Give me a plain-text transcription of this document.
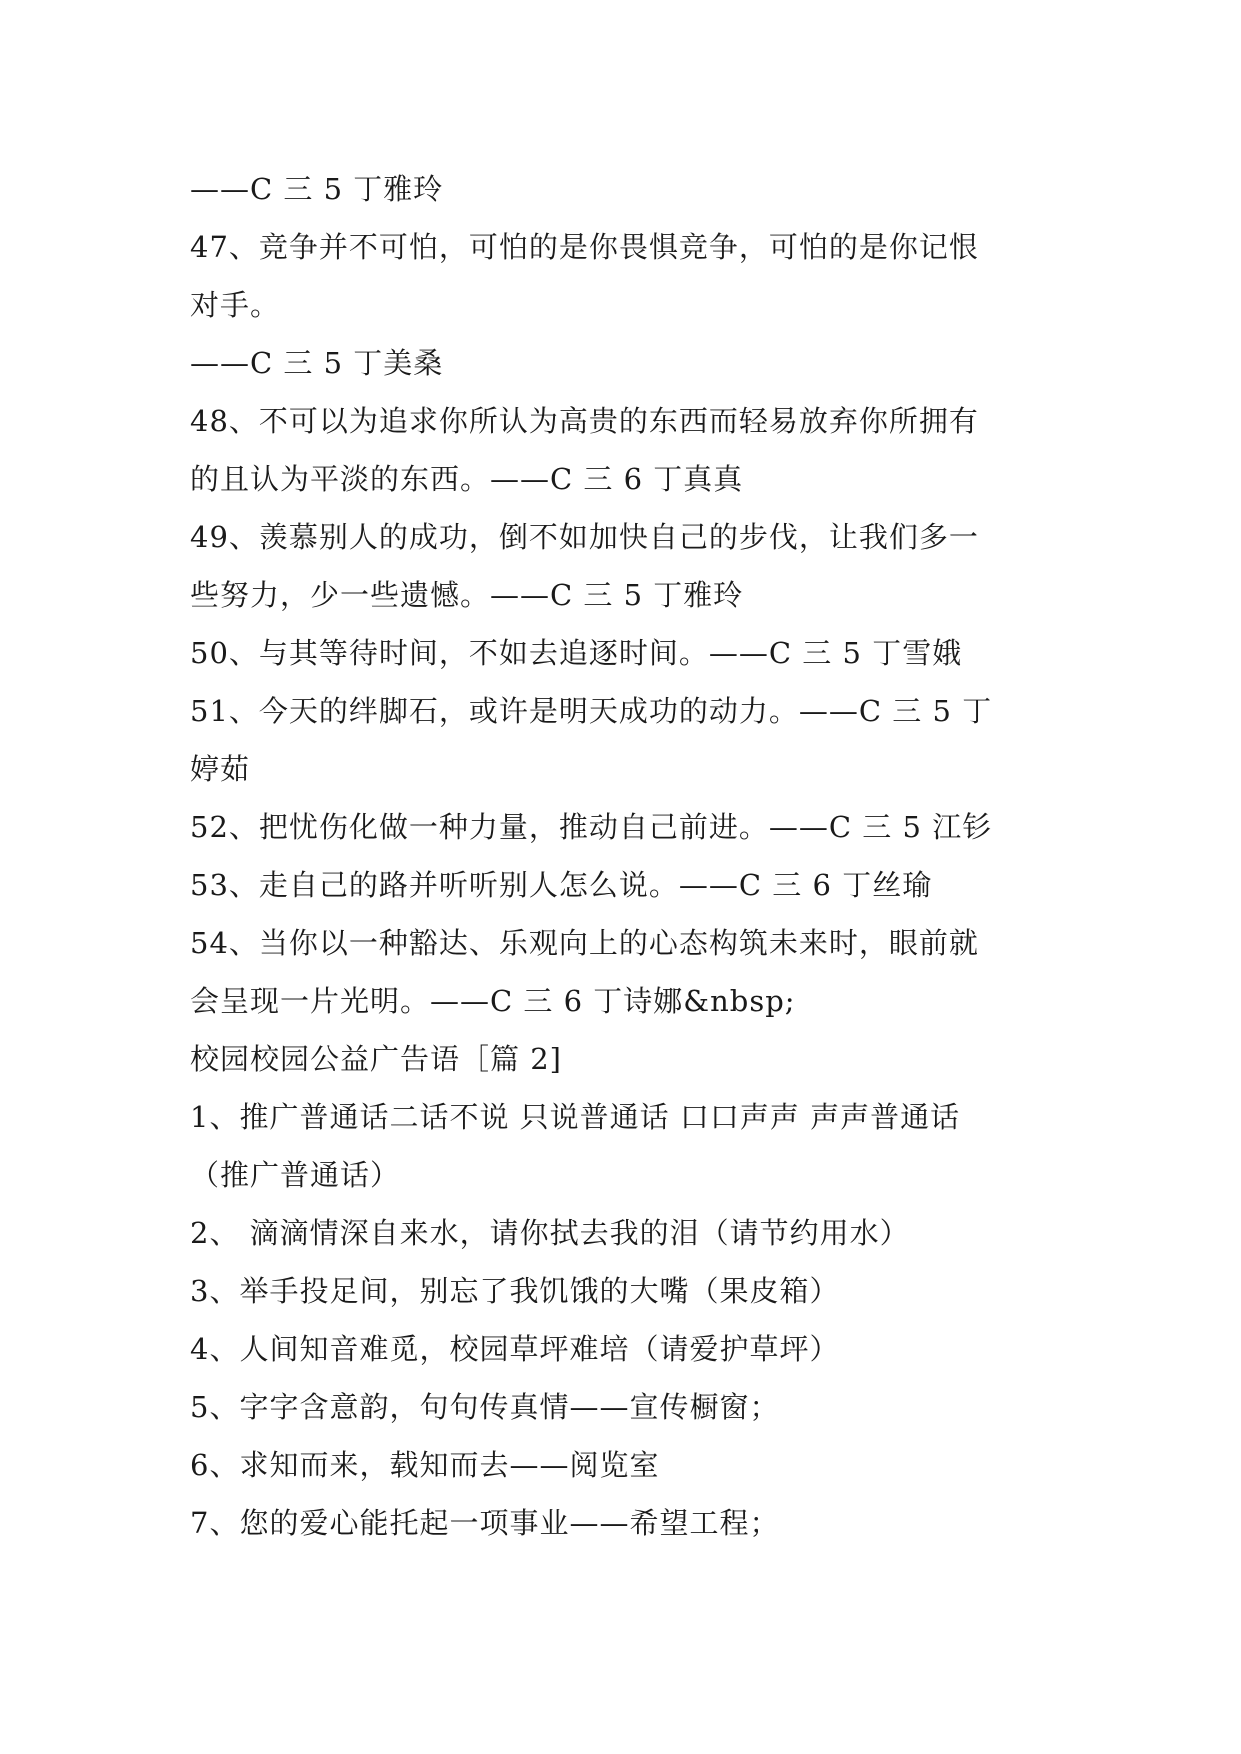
——C 三 5 丁雅玲
47、竞争并不可怕，可怕的是你畏惧竞争，可怕的是你记恨
对手。
——C 三 5 丁美桑
48、不可以为追求你所认为高贵的东西而轻易放弃你所拥有
的且认为平淡的东西。——C 三 6 丁真真
49、羡慕别人的成功，倒不如加快自己的步伐，让我们多一
些努力，少一些遗憾。——C 三 5 丁雅玲
50、与其等待时间，不如去追逐时间。——C 三 5 丁雪娥
51、今天的绊脚石，或许是明天成功的动力。——C 三 5 丁
婷茹
52、把忧伤化做一种力量，推动自己前进。——C 三 5 江钐
53、走自己的路并听听别人怎么说。——C 三 6 丁丝瑜
54、当你以一种豁达、乐观向上的心态构筑未来时，眼前就
会呈现一片光明。——C 三 6 丁诗娜&nbsp;
校园校园公益广告语［篇 2]
1、推广普通话二话不说 只说普通话 口口声声 声声普通话
（推广普通话）
2、 滴滴情深自来水，请你拭去我的泪（请节约用水）
3、举手投足间，别忘了我饥饿的大嘴（果皮箱）
4、人间知音难觅，校园草坪难培（请爱护草坪）
5、字字含意韵，句句传真情——宣传橱窗；
6、求知而来，载知而去——阅览室
7、您的爱心能托起一项事业——希望工程；
